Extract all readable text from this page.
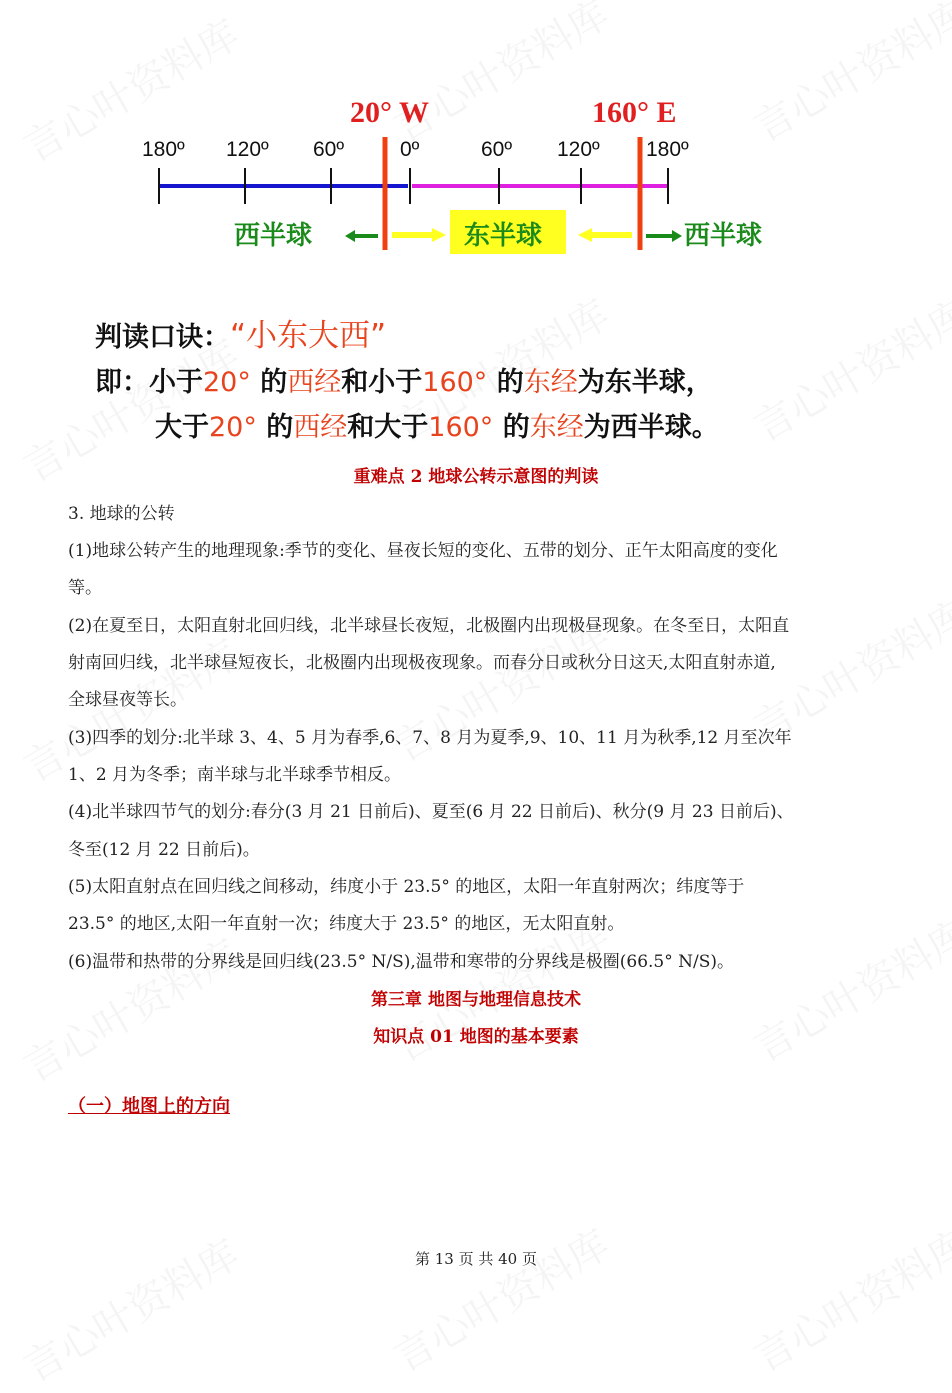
20° W	160° E
180º 120º 60º	0º	60º 120º 180º
西半球	东半球	西半球
判读口诀：“小东大西”
即：小于20° 的西经和小于160° 的东经为东半球，
大于20° 的西经和大于160° 的东经为西半球。
重难点 2 地球公转示意图的判读
3. 地球的公转
(1)地球公转产生的地理现象:季节的变化、昼夜长短的变化、五带的划分、正午太阳高度的变化
等。
(2)在夏至日，太阳直射北回归线，北半球昼长夜短，北极圈内出现极昼现象。在冬至日，太阳直
射南回归线，北半球昼短夜长，北极圈内出现极夜现象。而春分日或秋分日这天,太阳直射赤道,
全球昼夜等长。
(3)四季的划分:北半球 3、4、5 月为春季,6、7、8 月为夏季,9、10、11 月为秋季,12 月至次年
1、2 月为冬季；南半球与北半球季节相反。
(4)北半球四节气的划分:春分(3 月 21 日前后)、夏至(6 月 22 日前后)、秋分(9 月 23 日前后)、
冬至(12 月 22 日前后)。
(5)太阳直射点在回归线之间移动，纬度小于 23.5° 的地区，太阳一年直射两次；纬度等于
23.5° 的地区,太阳一年直射一次；纬度大于 23.5° 的地区，无太阳直射。
(6)温带和热带的分界线是回归线(23.5° N/S),温带和寒带的分界线是极圈(66.5° N/S)。
第三章 地图与地理信息技术
知识点 01 地图的基本要素
（一）地图上的方向
第 13 页 共 40 页
